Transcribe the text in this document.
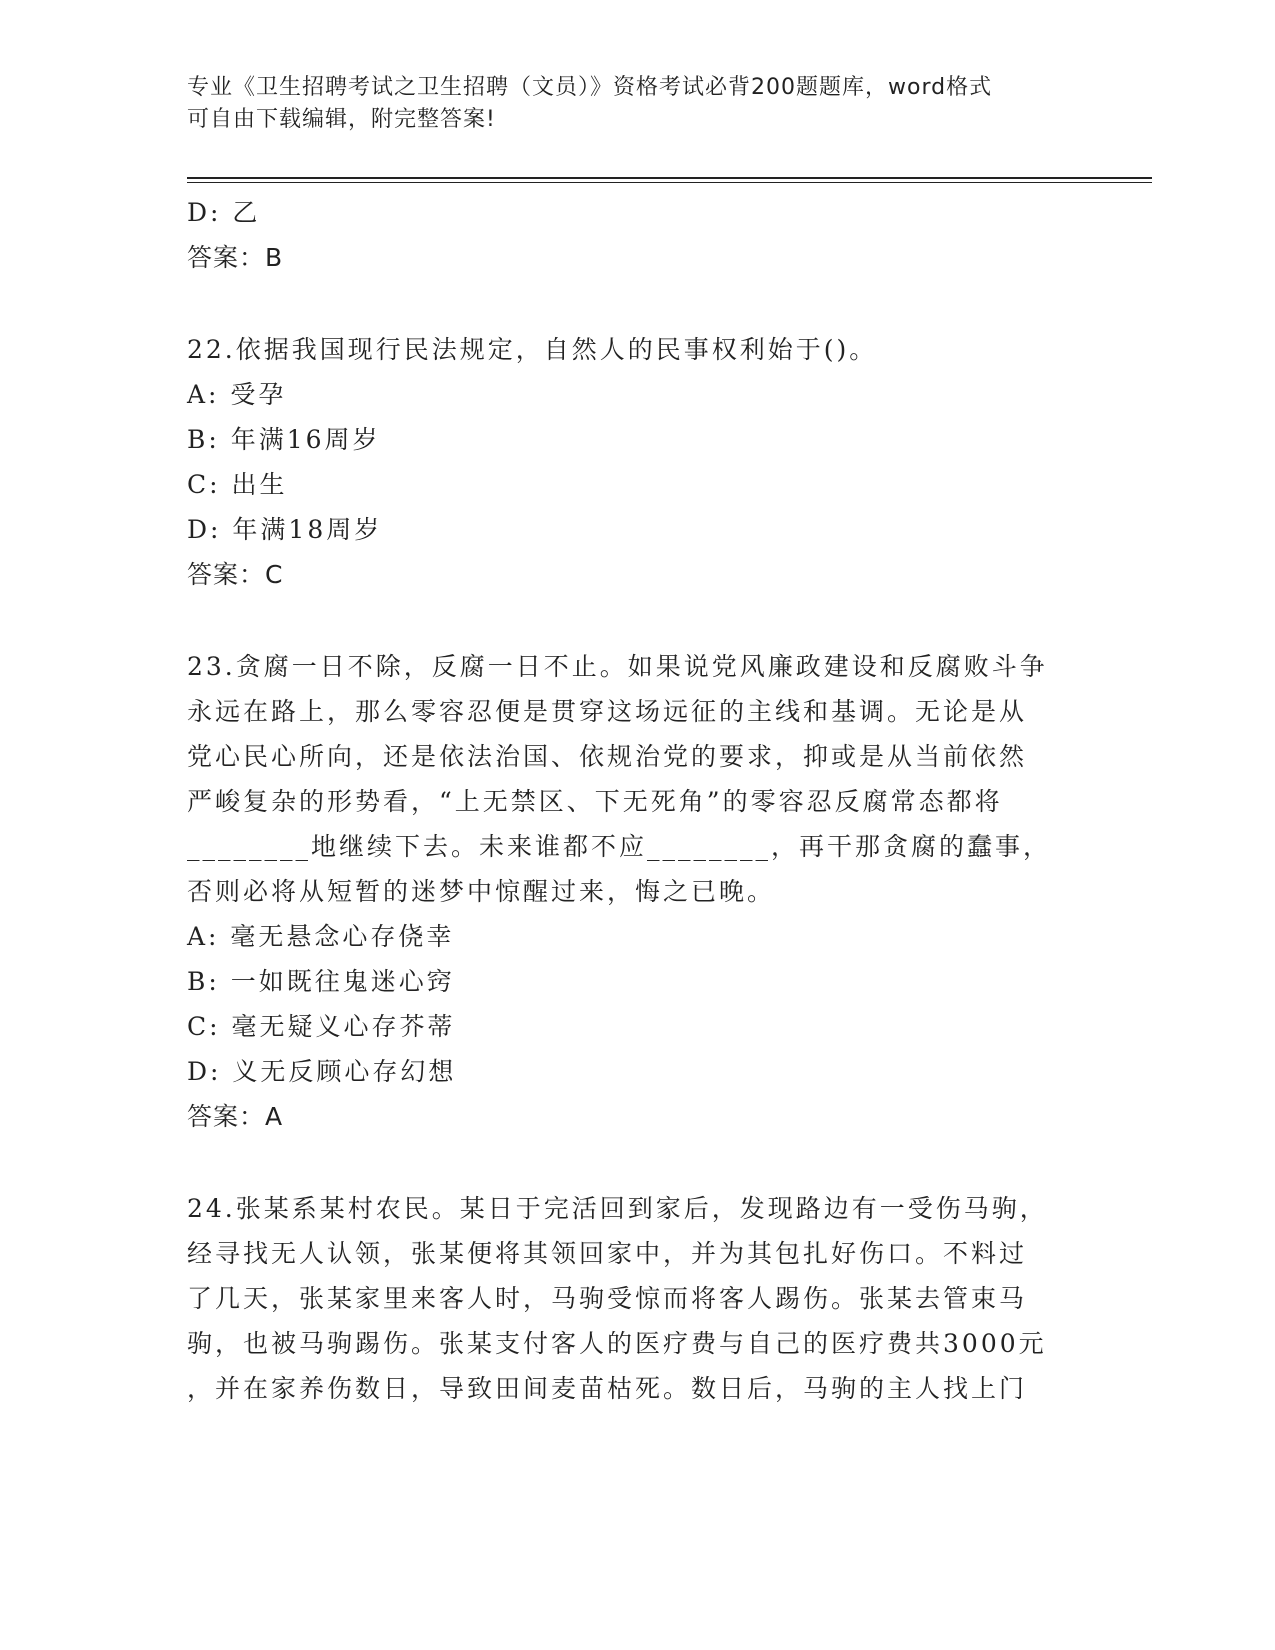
专业《卫生招聘考试之卫生招聘（文员）》资格考试必背200题题库，word格式
可自由下载编辑，附完整答案!
D: 乙
答案：B
22.依据我国现行民法规定，自然人的民事权利始于()。
A: 受孕
B: 年满16周岁
C: 出生
D: 年满18周岁
答案：C
23.贪腐一日不除，反腐一日不止。如果说党风廉政建设和反腐败斗争
永远在路上，那么零容忍便是贯穿这场远征的主线和基调。无论是从
党心民心所向，还是依法治国、依规治党的要求，抑或是从当前依然
严峻复杂的形势看，“上无禁区、下无死角”的零容忍反腐常态都将
________地继续下去。未来谁都不应________，再干那贪腐的蠢事，
否则必将从短暂的迷梦中惊醒过来，悔之已晚。
A: 毫无悬念心存侥幸
B: 一如既往鬼迷心窍
C: 毫无疑义心存芥蒂
D: 义无反顾心存幻想
答案：A
24.张某系某村农民。某日于完活回到家后，发现路边有一受伤马驹，
经寻找无人认领，张某便将其领回家中，并为其包扎好伤口。不料过
了几天，张某家里来客人时，马驹受惊而将客人踢伤。张某去管束马
驹，也被马驹踢伤。张某支付客人的医疗费与自己的医疗费共3000元
，并在家养伤数日，导致田间麦苗枯死。数日后，马驹的主人找上门
